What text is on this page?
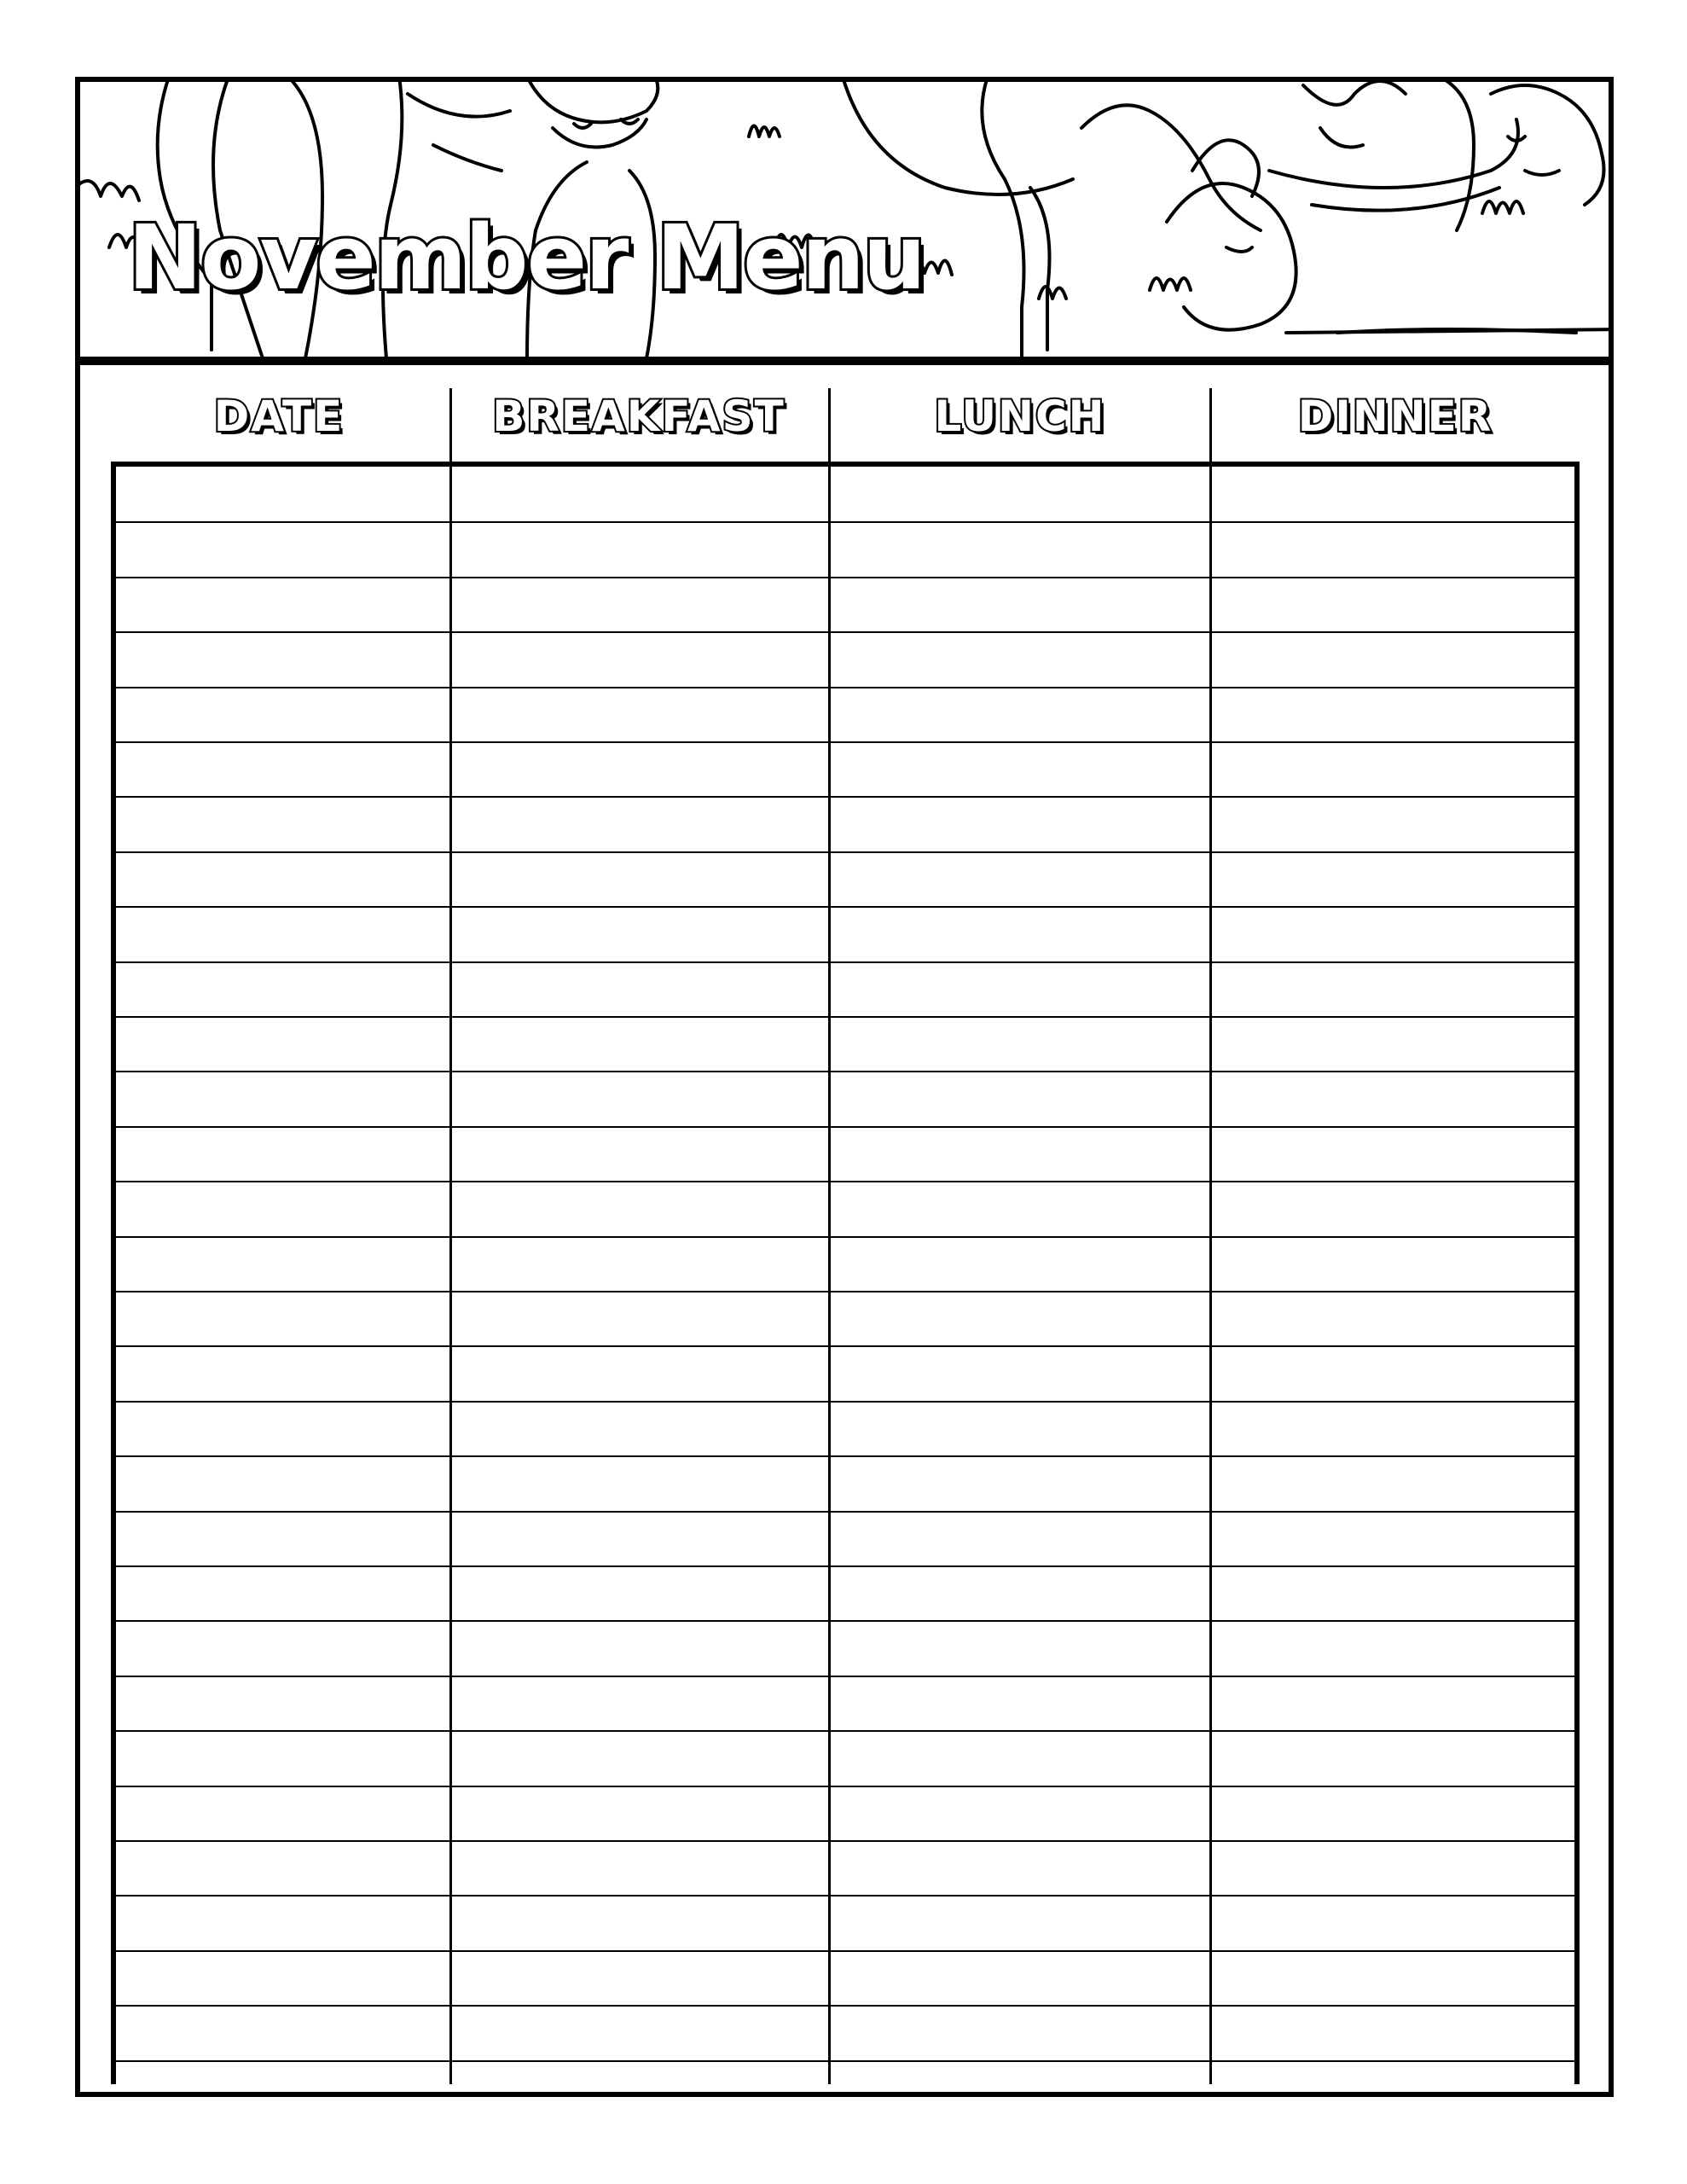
November Menu
DATE	BREAKFAST	LUNCH	DINNER
